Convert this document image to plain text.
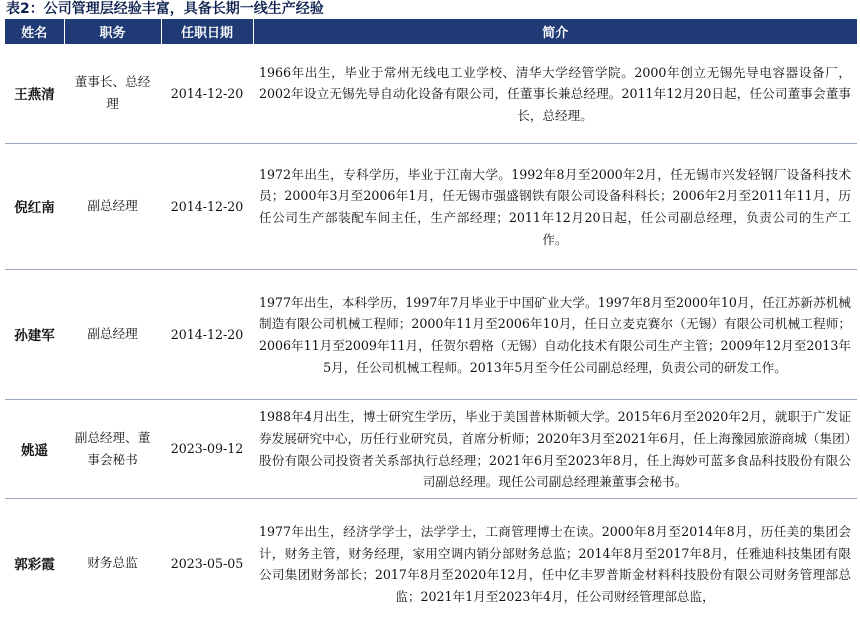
表2：公司管理层经验丰富，具备长期一线生产经验
姓名	职务	任职日期	简介
王燕清	董事长、总经理	2014-12-20	1966年出生，毕业于常州无线电工业学校、清华大学经管学院。2000年创立无锡先导电容器设备厂，2002年设立无锡先导自动化设备有限公司，任董事长兼总经理。2011年12月20日起，任公司董事会董事长，总经理。
倪红南	副总经理	2014-12-20	1972年出生，专科学历，毕业于江南大学。1992年8月至2000年2月，任无锡市兴发轻钢厂设备科技术员；2000年3月至2006年1月，任无锡市强盛钢铁有限公司设备科科长；2006年2月至2011年11月，历任公司生产部装配车间主任，生产部经理；2011年12月20日起，任公司副总经理，负责公司的生产工作。
孙建军	副总经理	2014-12-20	1977年出生，本科学历，1997年7月毕业于中国矿业大学。1997年8月至2000年10月，任江苏新苏机械制造有限公司机械工程师；2000年11月至2006年10月，任日立麦克赛尔（无锡）有限公司机械工程师；2006年11月至2009年11月，任贺尔碧格（无锡）自动化技术有限公司生产主管；2009年12月至2013年5月，任公司机械工程师。2013年5月至今任公司副总经理，负责公司的研发工作。
姚遥	副总经理、董事会秘书	2023-09-12	1988年4月出生，博士研究生学历，毕业于美国普林斯顿大学。2015年6月至2020年2月，就职于广发证券发展研究中心，历任行业研究员，首席分析师；2020年3月至2021年6月，任上海豫园旅游商城（集团）股份有限公司投资者关系部执行总经理；2021年6月至2023年8月，任上海妙可蓝多食品科技股份有限公司副总经理。现任公司副总经理兼董事会秘书。
郭彩霞	财务总监	2023-05-05	1977年出生，经济学学士，法学学士，工商管理博士在读。2000年8月至2014年8月，历任美的集团会计，财务主管，财务经理，家用空调内销分部财务总监；2014年8月至2017年8月，任雅迪科技集团有限公司集团财务部长；2017年8月至2020年12月，任中亿丰罗普斯金材料科技股份有限公司财务管理部总监；2021年1月至2023年4月，任公司财经管理部总监，
